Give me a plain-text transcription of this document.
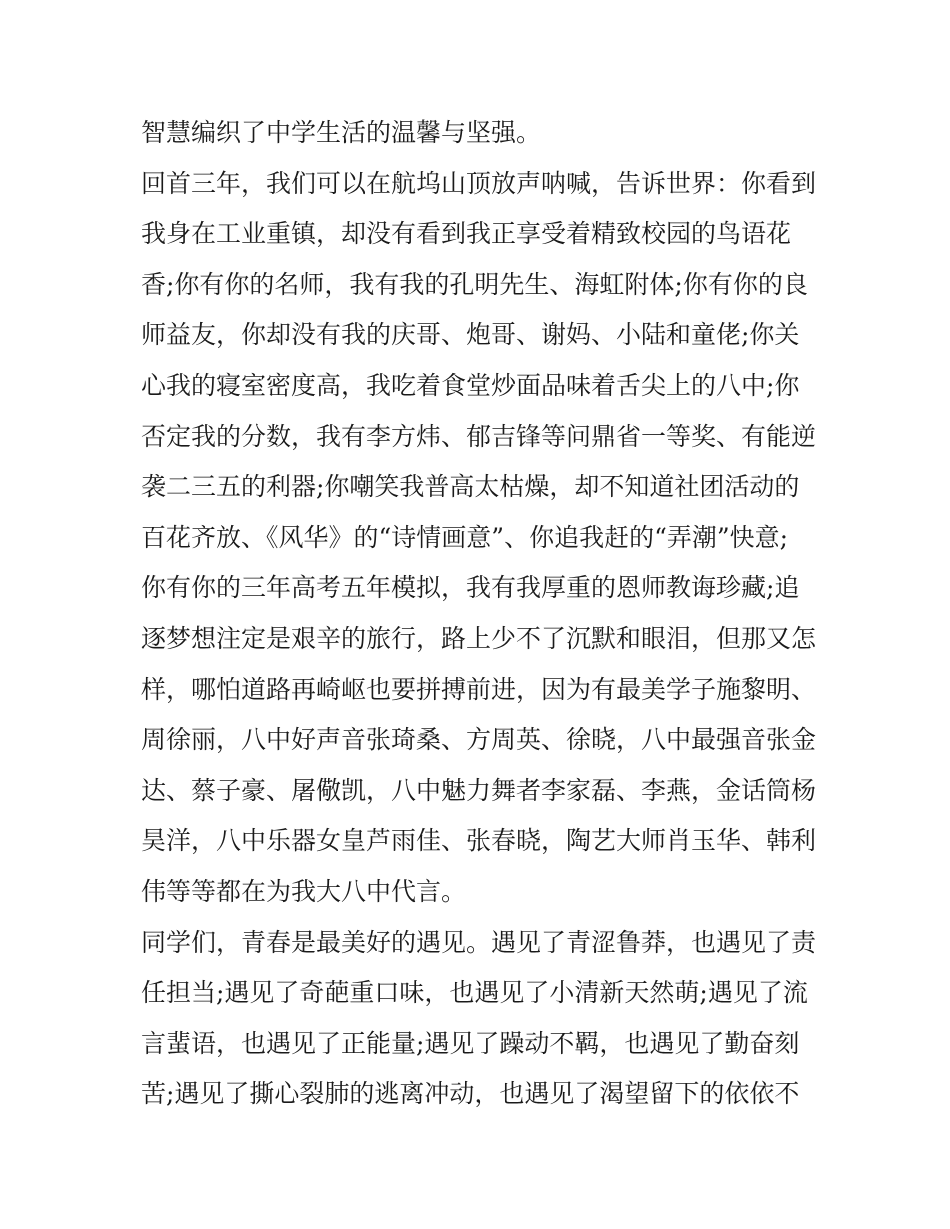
智慧编织了中学生活的温馨与坚强。
回首三年，我们可以在航坞山顶放声呐喊，告诉世界：你看到
我身在工业重镇，却没有看到我正享受着精致校园的鸟语花
香;你有你的名师，我有我的孔明先生、海虹附体;你有你的良
师益友，你却没有我的庆哥、炮哥、谢妈、小陆和童佬;你关
心我的寝室密度高，我吃着食堂炒面品味着舌尖上的八中;你
否定我的分数，我有李方炜、郁吉锋等问鼎省一等奖、有能逆
袭二三五的利器;你嘲笑我普高太枯燥，却不知道社团活动的
百花齐放、《风华》的“诗情画意”、你追我赶的“弄潮”快意;
你有你的三年高考五年模拟，我有我厚重的恩师教诲珍藏;追
逐梦想注定是艰辛的旅行，路上少不了沉默和眼泪，但那又怎
样，哪怕道路再崎岖也要拼搏前进，因为有最美学子施黎明、
周徐丽，八中好声音张琦桑、方周英、徐晓，八中最强音张金
达、蔡子豪、屠儆凯，八中魅力舞者李家磊、李燕，金话筒杨
昊洋，八中乐器女皇芦雨佳、张春晓，陶艺大师肖玉华、韩利
伟等等都在为我大八中代言。
同学们，青春是最美好的遇见。遇见了青涩鲁莽，也遇见了责
任担当;遇见了奇葩重口味，也遇见了小清新天然萌;遇见了流
言蜚语，也遇见了正能量;遇见了躁动不羁，也遇见了勤奋刻
苦;遇见了撕心裂肺的逃离冲动，也遇见了渴望留下的依依不
